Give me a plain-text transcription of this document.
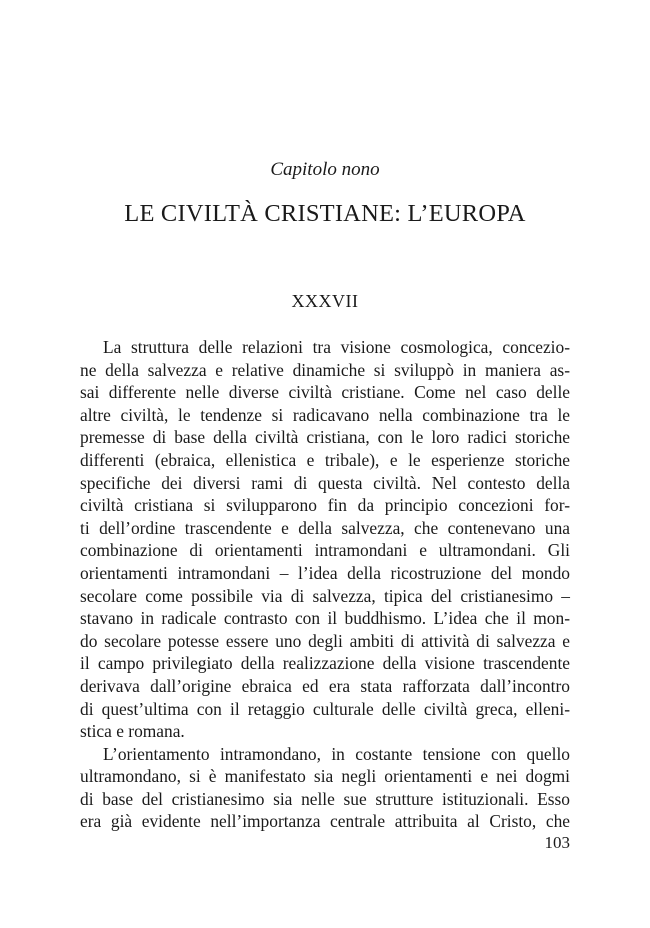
Capitolo nono
LE CIVILTÀ CRISTIANE: L’EUROPA
XXXVII

La struttura delle relazioni tra visione cosmologica, concezio-
ne della salvezza e relative dinamiche si sviluppò in maniera as-
sai differente nelle diverse civiltà cristiane. Come nel caso delle
altre civiltà, le tendenze si radicavano nella combinazione tra le
premesse di base della civiltà cristiana, con le loro radici storiche
differenti (ebraica, ellenistica e tribale), e le esperienze storiche
specifiche dei diversi rami di questa civiltà. Nel contesto della
civiltà cristiana si svilupparono fin da principio concezioni for-
ti dell’ordine trascendente e della salvezza, che contenevano una
combinazione di orientamenti intramondani e ultramondani. Gli
orientamenti intramondani – l’idea della ricostruzione del mondo
secolare come possibile via di salvezza, tipica del cristianesimo –
stavano in radicale contrasto con il buddhismo. L’idea che il mon-
do secolare potesse essere uno degli ambiti di attività di salvezza e
il campo privilegiato della realizzazione della visione trascendente
derivava dall’origine ebraica ed era stata rafforzata dall’incontro
di quest’ultima con il retaggio culturale delle civiltà greca, elleni-
stica e romana.

L’orientamento intramondano, in costante tensione con quello
ultramondano, si è manifestato sia negli orientamenti e nei dogmi
di base del cristianesimo sia nelle sue strutture istituzionali. Esso
era già evidente nell’importanza centrale attribuita al Cristo, che

103
